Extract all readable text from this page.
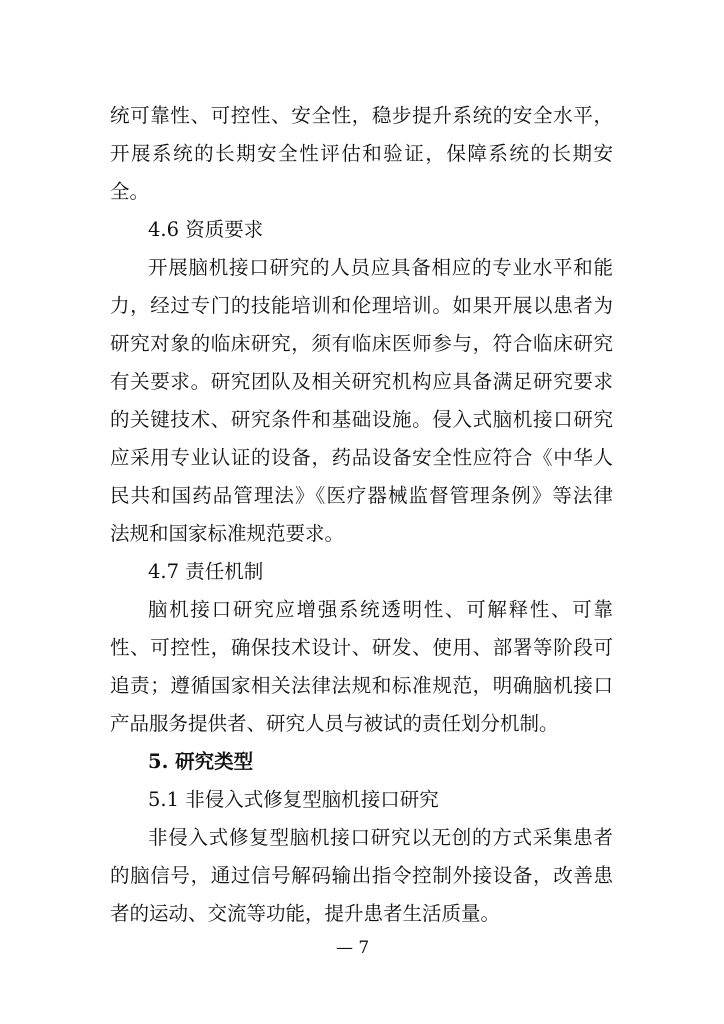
统可靠性、可控性、安全性，稳步提升系统的安全水平，
开展系统的长期安全性评估和验证，保障系统的长期安
全。
4.6 资质要求
开展脑机接口研究的人员应具备相应的专业水平和能
力，经过专门的技能培训和伦理培训。如果开展以患者为
研究对象的临床研究，须有临床医师参与，符合临床研究
有关要求。研究团队及相关研究机构应具备满足研究要求
的关键技术、研究条件和基础设施。侵入式脑机接口研究
应采用专业认证的设备，药品设备安全性应符合《中华人
民共和国药品管理法》《医疗器械监督管理条例》等法律
法规和国家标准规范要求。
4.7 责任机制
脑机接口研究应增强系统透明性、可解释性、可靠
性、可控性，确保技术设计、研发、使用、部署等阶段可
追责；遵循国家相关法律法规和标准规范，明确脑机接口
产品服务提供者、研究人员与被试的责任划分机制。
5. 研究类型
5.1 非侵入式修复型脑机接口研究
非侵入式修复型脑机接口研究以无创的方式采集患者
的脑信号，通过信号解码输出指令控制外接设备，改善患
者的运动、交流等功能，提升患者生活质量。
— 7
